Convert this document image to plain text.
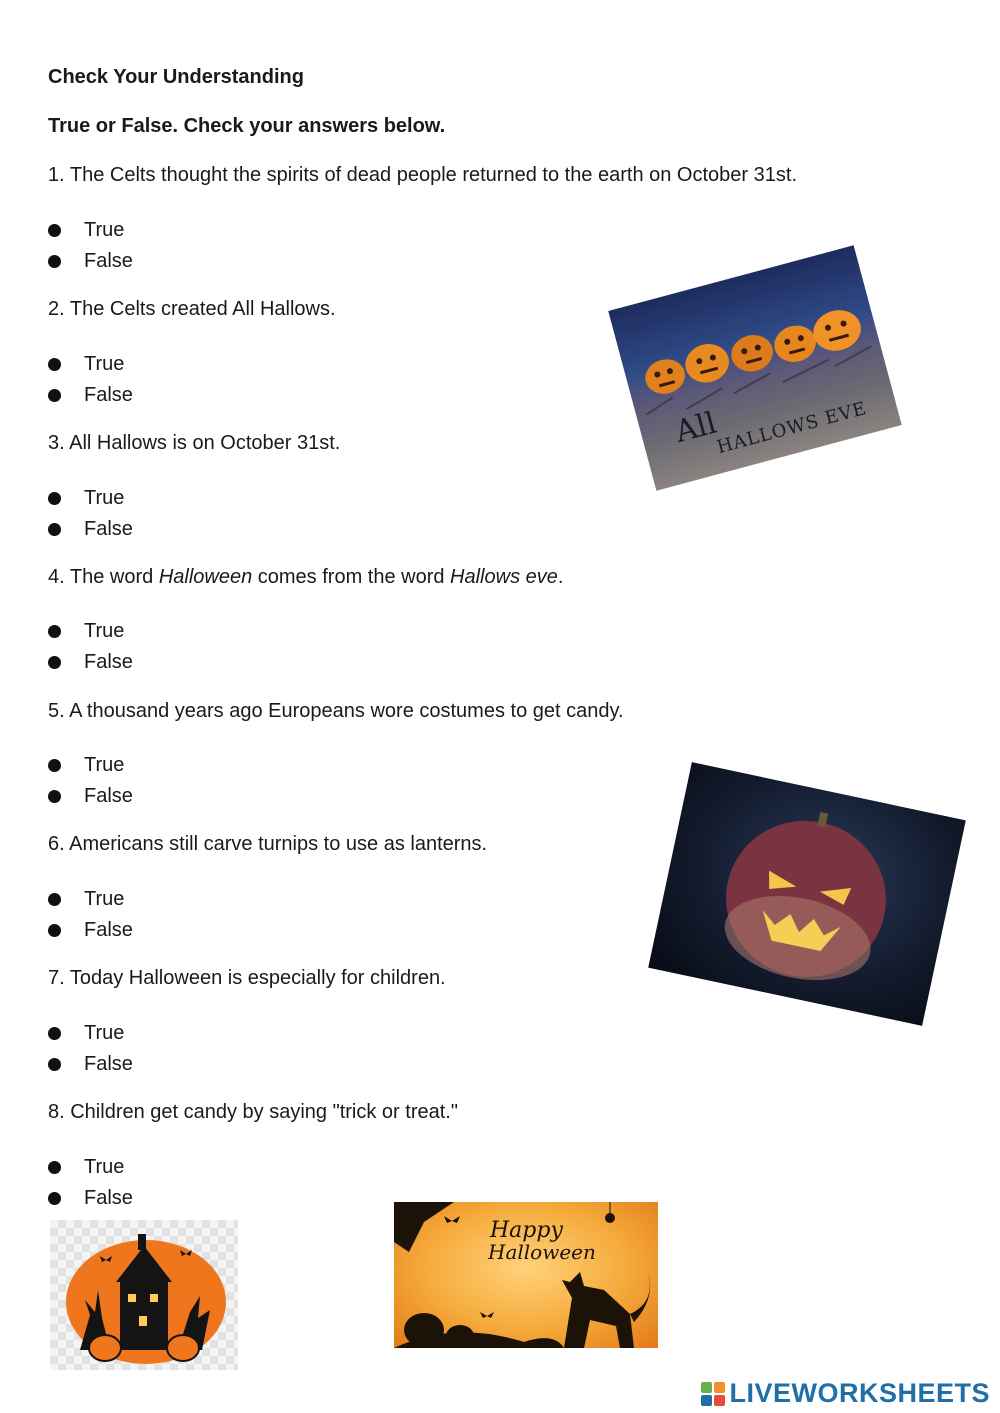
Check Your Understanding
True or False. Check your answers below.
1. The Celts thought the spirits of dead people returned to the earth on October 31st.
True
False
2. The Celts created All Hallows.
True
False
3. All Hallows is on October 31st.
True
False
4. The word Halloween comes from the word Hallows eve.
True
False
5. A thousand years ago Europeans wore costumes to get candy.
True
False
6. Americans still carve turnips to use as lanterns.
True
False
7. Today Halloween is especially for children.
True
False
8. Children get candy by saying "trick or treat."
True
False
All
HALLOWS EVE
Happy
Halloween
LIVEWORKSHEETS
